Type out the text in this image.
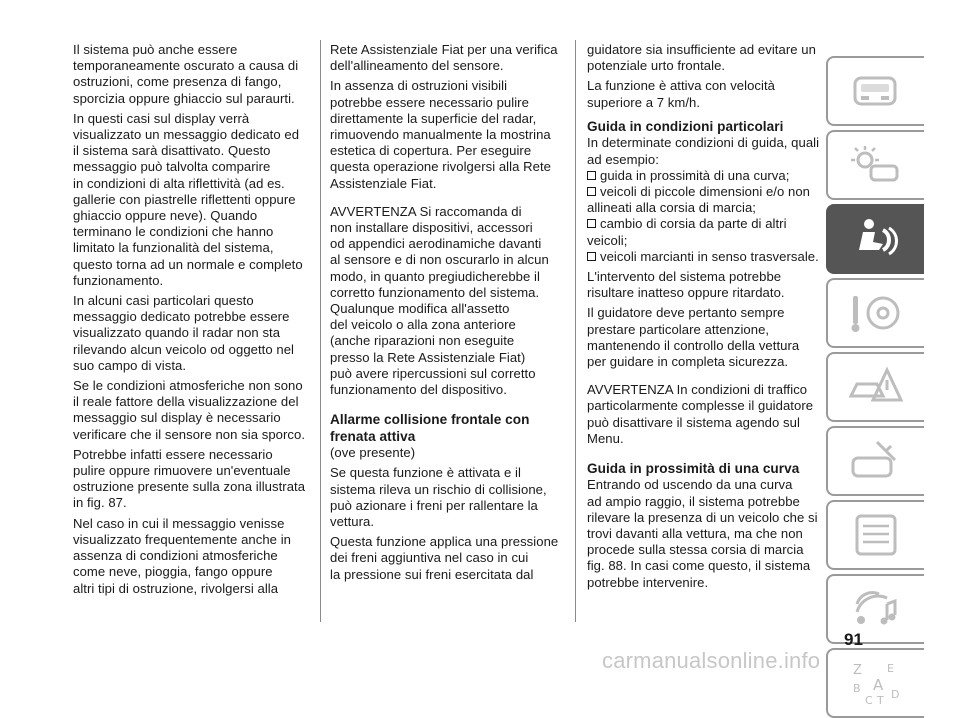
Il sistema può anche essere
temporaneamente oscurato a causa di
ostruzioni, come presenza di fango,
sporcizia oppure ghiaccio sul paraurti.

In questi casi sul display verrà
visualizzato un messaggio dedicato ed
il sistema sarà disattivato. Questo
messaggio può talvolta comparire
in condizioni di alta riflettività (ad es.
gallerie con piastrelle riflettenti oppure
ghiaccio oppure neve). Quando
terminano le condizioni che hanno
limitato la funzionalità del sistema,
questo torna ad un normale e completo
funzionamento.

In alcuni casi particolari questo
messaggio dedicato potrebbe essere
visualizzato quando il radar non sta
rilevando alcun veicolo od oggetto nel
suo campo di vista.

Se le condizioni atmosferiche non sono
il reale fattore della visualizzazione del
messaggio sul display è necessario
verificare che il sensore non sia sporco.

Potrebbe infatti essere necessario
pulire oppure rimuovere un'eventuale
ostruzione presente sulla zona illustrata
in fig. 87.

Nel caso in cui il messaggio venisse
visualizzato frequentemente anche in
assenza di condizioni atmosferiche
come neve, pioggia, fango oppure
altri tipi di ostruzione, rivolgersi alla

Rete Assistenziale Fiat per una verifica
dell'allineamento del sensore.

In assenza di ostruzioni visibili
potrebbe essere necessario pulire
direttamente la superficie del radar,
rimuovendo manualmente la mostrina
estetica di copertura. Per eseguire
questa operazione rivolgersi alla Rete
Assistenziale Fiat.

AVVERTENZA Si raccomanda di
non installare dispositivi, accessori
od appendici aerodinamiche davanti
al sensore e di non oscurarlo in alcun
modo, in quanto pregiudicherebbe il
corretto funzionamento del sistema.
Qualunque modifica all'assetto
del veicolo o alla zona anteriore
(anche riparazioni non eseguite
presso la Rete Assistenziale Fiat)
può avere ripercussioni sul corretto
funzionamento del dispositivo.

Allarme collisione frontale con
frenata attiva

(ove presente)

Se questa funzione è attivata e il
sistema rileva un rischio di collisione,
può azionare i freni per rallentare la
vettura.

Questa funzione applica una pressione
dei freni aggiuntiva nel caso in cui
la pressione sui freni esercitata dal

guidatore sia insufficiente ad evitare un
potenziale urto frontale.

La funzione è attiva con velocità
superiore a 7 km/h.

Guida in condizioni particolari

In determinate condizioni di guida, quali
ad esempio:

guida in prossimità di una curva;
veicoli di piccole dimensioni e/o non
allineati alla corsia di marcia;
cambio di corsia da parte di altri
veicoli;
veicoli marcianti in senso trasversale.

L'intervento del sistema potrebbe
risultare inatteso oppure ritardato.

Il guidatore deve pertanto sempre
prestare particolare attenzione,
mantenendo il controllo della vettura
per guidare in completa sicurezza.

AVVERTENZA In condizioni di traffico
particolarmente complesse il guidatore
può disattivare il sistema agendo sul
Menu.

Guida in prossimità di una curva

Entrando od uscendo da una curva
ad ampio raggio, il sistema potrebbe
rilevare la presenza di un veicolo che si
trovi davanti alla vettura, ma che non
procede sulla stessa corsia di marcia
fig. 88. In casi come questo, il sistema
potrebbe intervenire.

Z E
B A
C T D
91
carmanualsonline.info
